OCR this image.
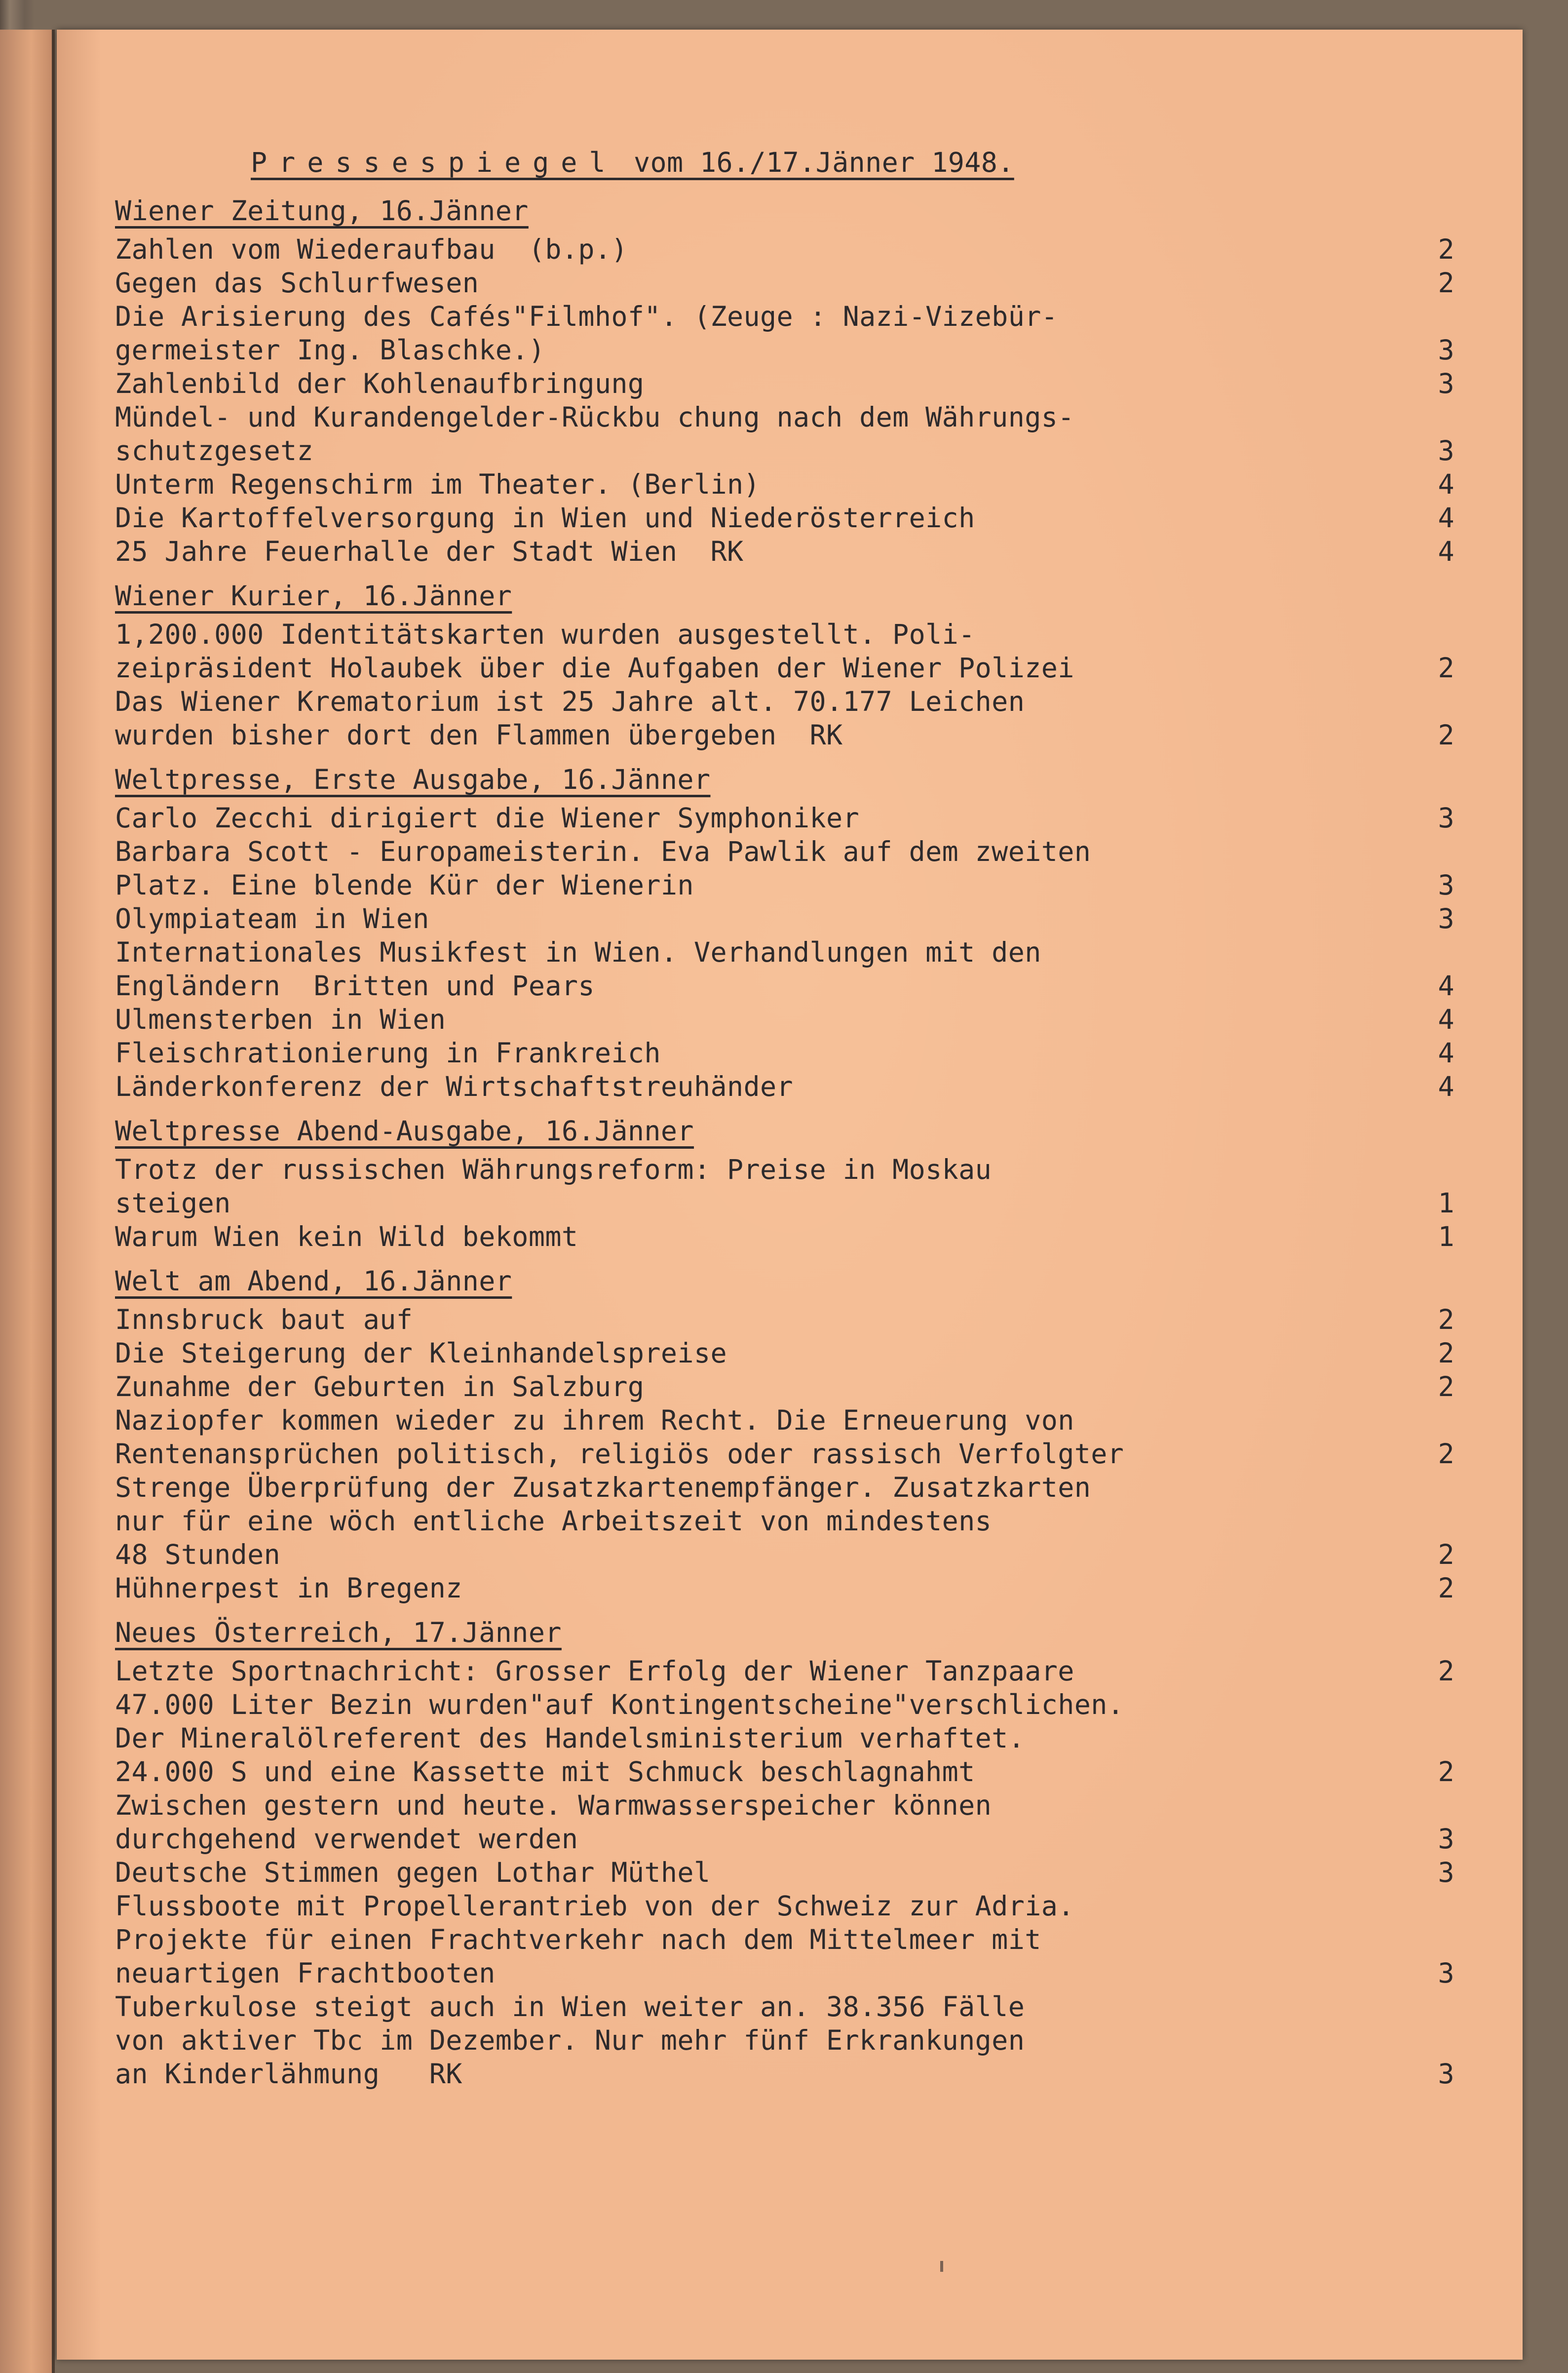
Pressespiegel vom 16./17.Jänner 1948.
Wiener Zeitung, 16.Jänner
Zahlen vom Wiederaufbau  (b.p.)	2
Gegen das Schlurfwesen	2
Die Arisierung des Cafés"Filmhof". (Zeuge : Nazi-Vizebür-
germeister Ing. Blaschke.)	3
Zahlenbild der Kohlenaufbringung	3
Mündel- und Kurandengelder-Rückbu chung nach dem Währungs-
schutzgesetz	3
Unterm Regenschirm im Theater. (Berlin)	4
Die Kartoffelversorgung in Wien und Niederösterreich	4
25 Jahre Feuerhalle der Stadt Wien  RK	4
Wiener Kurier, 16.Jänner
1,200.000 Identitätskarten wurden ausgestellt. Poli-
zeipräsident Holaubek über die Aufgaben der Wiener Polizei	2
Das Wiener Krematorium ist 25 Jahre alt. 70.177 Leichen
wurden bisher dort den Flammen übergeben  RK	2
Weltpresse, Erste Ausgabe, 16.Jänner
Carlo Zecchi dirigiert die Wiener Symphoniker	3
Barbara Scott - Europameisterin. Eva Pawlik auf dem zweiten
Platz. Eine blende Kür der Wienerin	3
Olympiateam in Wien	3
Internationales Musikfest in Wien. Verhandlungen mit den
Engländern  Britten und Pears	4
Ulmensterben in Wien	4
Fleischrationierung in Frankreich	4
Länderkonferenz der Wirtschaftstreuhänder	4
Weltpresse Abend-Ausgabe, 16.Jänner
Trotz der russischen Währungsreform: Preise in Moskau
steigen	1
Warum Wien kein Wild bekommt	1
Welt am Abend, 16.Jänner
Innsbruck baut auf	2
Die Steigerung der Kleinhandelspreise	2
Zunahme der Geburten in Salzburg	2
Naziopfer kommen wieder zu ihrem Recht. Die Erneuerung von
Rentenansprüchen politisch, religiös oder rassisch Verfolgter	2
Strenge Überprüfung der Zusatzkartenempfänger. Zusatzkarten
nur für eine wöch entliche Arbeitszeit von mindestens
48 Stunden	2
Hühnerpest in Bregenz	2
Neues Österreich, 17.Jänner
Letzte Sportnachricht: Grosser Erfolg der Wiener Tanzpaare	2
47.000 Liter Bezin wurden"auf Kontingentscheine"verschlichen.
Der Mineralölreferent des Handelsministerium verhaftet.
24.000 S und eine Kassette mit Schmuck beschlagnahmt	2
Zwischen gestern und heute. Warmwasserspeicher können
durchgehend verwendet werden	3
Deutsche Stimmen gegen Lothar Müthel	3
Flussboote mit Propellerantrieb von der Schweiz zur Adria.
Projekte für einen Frachtverkehr nach dem Mittelmeer mit
neuartigen Frachtbooten	3
Tuberkulose steigt auch in Wien weiter an. 38.356 Fälle
von aktiver Tbc im Dezember. Nur mehr fünf Erkrankungen
an Kinderlähmung   RK	3
